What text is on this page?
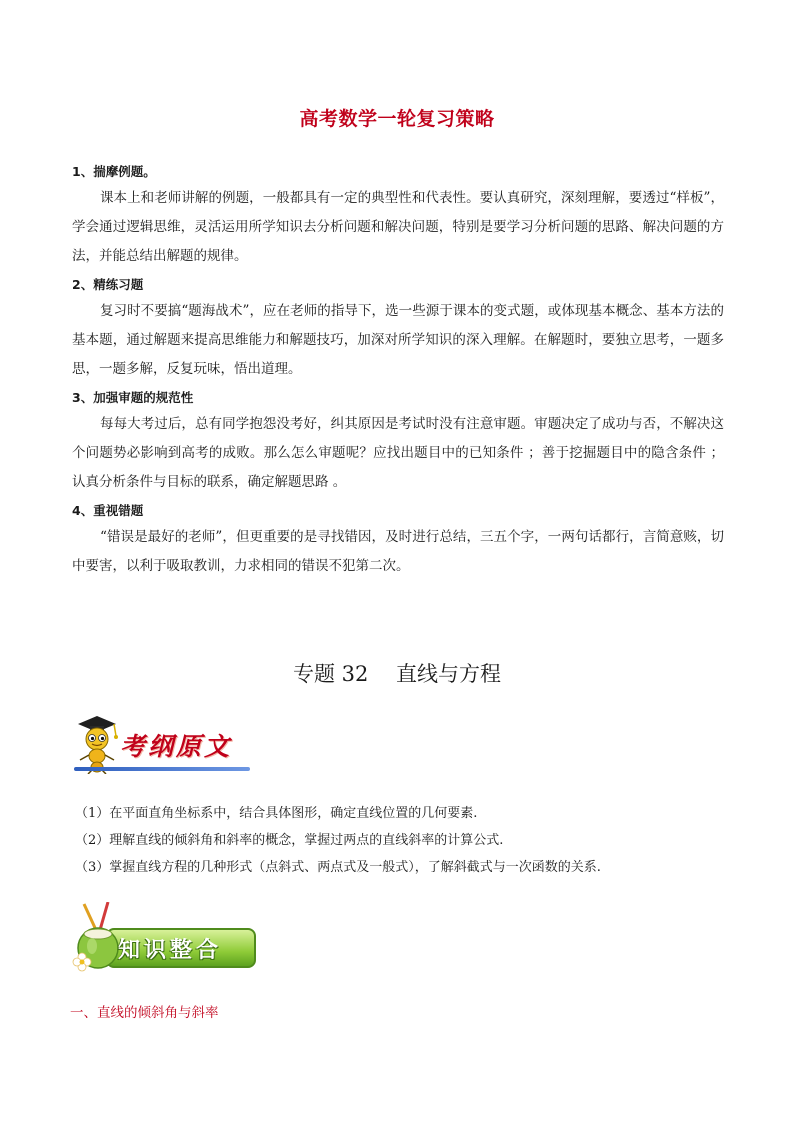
高考数学一轮复习策略

1、揣摩例题。

课本上和老师讲解的例题，一般都具有一定的典型性和代表性。要认真研究，深刻理解，要透过“样板”，学会通过逻辑思维，灵活运用所学知识去分析问题和解决问题，特别是要学习分析问题的思路、解决问题的方法，并能总结出解题的规律。

2、精练习题

复习时不要搞“题海战术”，应在老师的指导下，选一些源于课本的变式题，或体现基本概念、基本方法的基本题，通过解题来提高思维能力和解题技巧，加深对所学知识的深入理解。在解题时，要独立思考，一题多思，一题多解，反复玩味，悟出道理。

3、加强审题的规范性

每每大考过后，总有同学抱怨没考好，纠其原因是考试时没有注意审题。审题决定了成功与否，不解决这个问题势必影响到高考的成败。那么怎么审题呢？应找出题目中的已知条件 ；善于挖掘题目中的隐含条件 ；认真分析条件与目标的联系，确定解题思路 。

4、重视错题

“错误是最好的老师”，但更重要的是寻找错因，及时进行总结，三五个字，一两句话都行，言简意赅，切中要害，以利于吸取教训，力求相同的错误不犯第二次。

专题 32　 直线与方程
考纲原文

（1）在平面直角坐标系中，结合具体图形，确定直线位置的几何要素.

（2）理解直线的倾斜角和斜率的概念，掌握过两点的直线斜率的计算公式.

（3）掌握直线方程的几种形式（点斜式、两点式及一般式），了解斜截式与一次函数的关系.

知识整合
一、直线的倾斜角与斜率
